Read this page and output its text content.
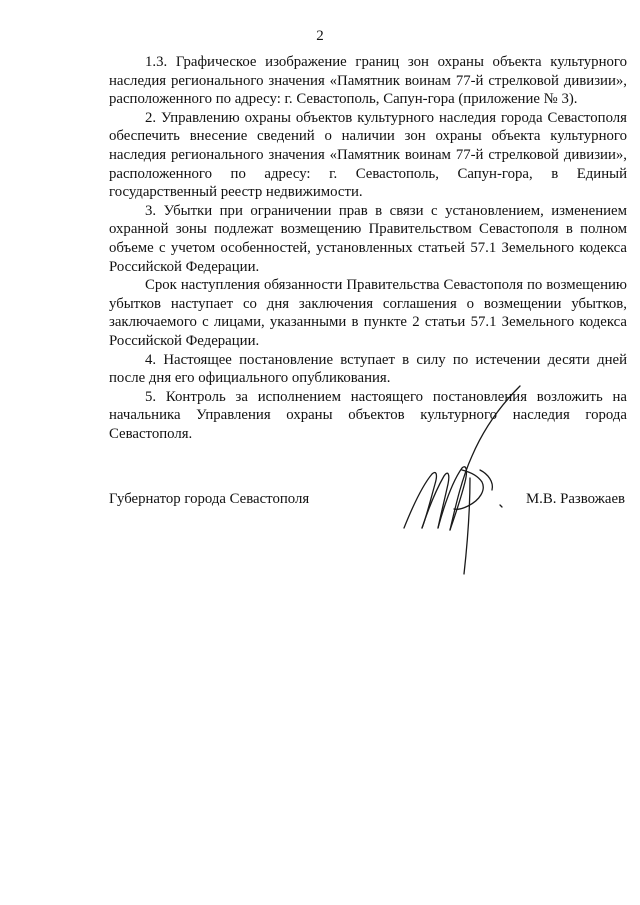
2

1.3. Графическое изображение границ зон охраны объекта культурного наследия регионального значения «Памятник воинам 77-й стрелковой дивизии», расположенного по адресу: г. Севастополь, Сапун-гора (приложение № 3).

2. Управлению охраны объектов культурного наследия города Севастополя обеспечить внесение сведений о наличии зон охраны объекта культурного наследия регионального значения «Памятник воинам 77-й стрелковой дивизии», расположенного по адресу: г. Севастополь, Сапун-гора, в Единый государственный реестр недвижимости.

3. Убытки при ограничении прав в связи с установлением, изменением охранной зоны подлежат возмещению Правительством Севастополя в полном объеме с учетом особенностей, установленных статьей 57.1 Земельного кодекса Российской Федерации.

Срок наступления обязанности Правительства Севастополя по возмещению убытков наступает со дня заключения соглашения о возмещении убытков, заключаемого с лицами, указанными в пункте 2 статьи 57.1 Земельного кодекса Российской Федерации.

4. Настоящее постановление вступает в силу по истечении десяти дней после дня его официального опубликования.

5. Контроль за исполнением настоящего постановления возложить на начальника Управления охраны объектов культурного наследия города Севастополя.

Губернатор города Севастополя	М.В. Развожаев
